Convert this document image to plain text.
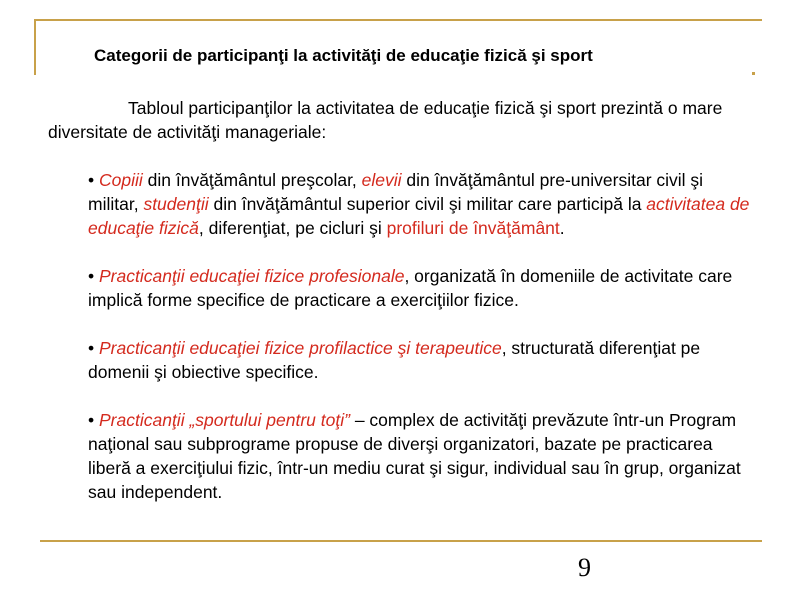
Categorii de participanţi la activităţi de educaţie fizică şi sport

Tabloul participanţilor la activitatea de educaţie fizică şi sport prezintă o mare diversitate de activităţi manageriale:

• Copiii din învăţământul preşcolar, elevii din învăţământul pre-universitar civil şi militar, studenţii din învăţământul superior civil şi militar care participă la activitatea de educaţie fizică, diferenţiat, pe cicluri şi profiluri de învăţământ.

• Practicanţii educaţiei fizice profesionale, organizată în domeniile de activitate care implică forme specifice de practicare a exerciţiilor fizice.

• Practicanţii educaţiei fizice profilactice şi terapeutice, structurată diferenţiat pe domenii şi obiective specifice.

• Practicanţii „sportului pentru toţi” – complex de activităţi prevăzute într-un Program naţional sau subprograme propuse de diverşi organizatori, bazate pe practicarea liberă a exerciţiului fizic, într-un mediu curat şi sigur, individual sau în grup, organizat sau independent.

9
